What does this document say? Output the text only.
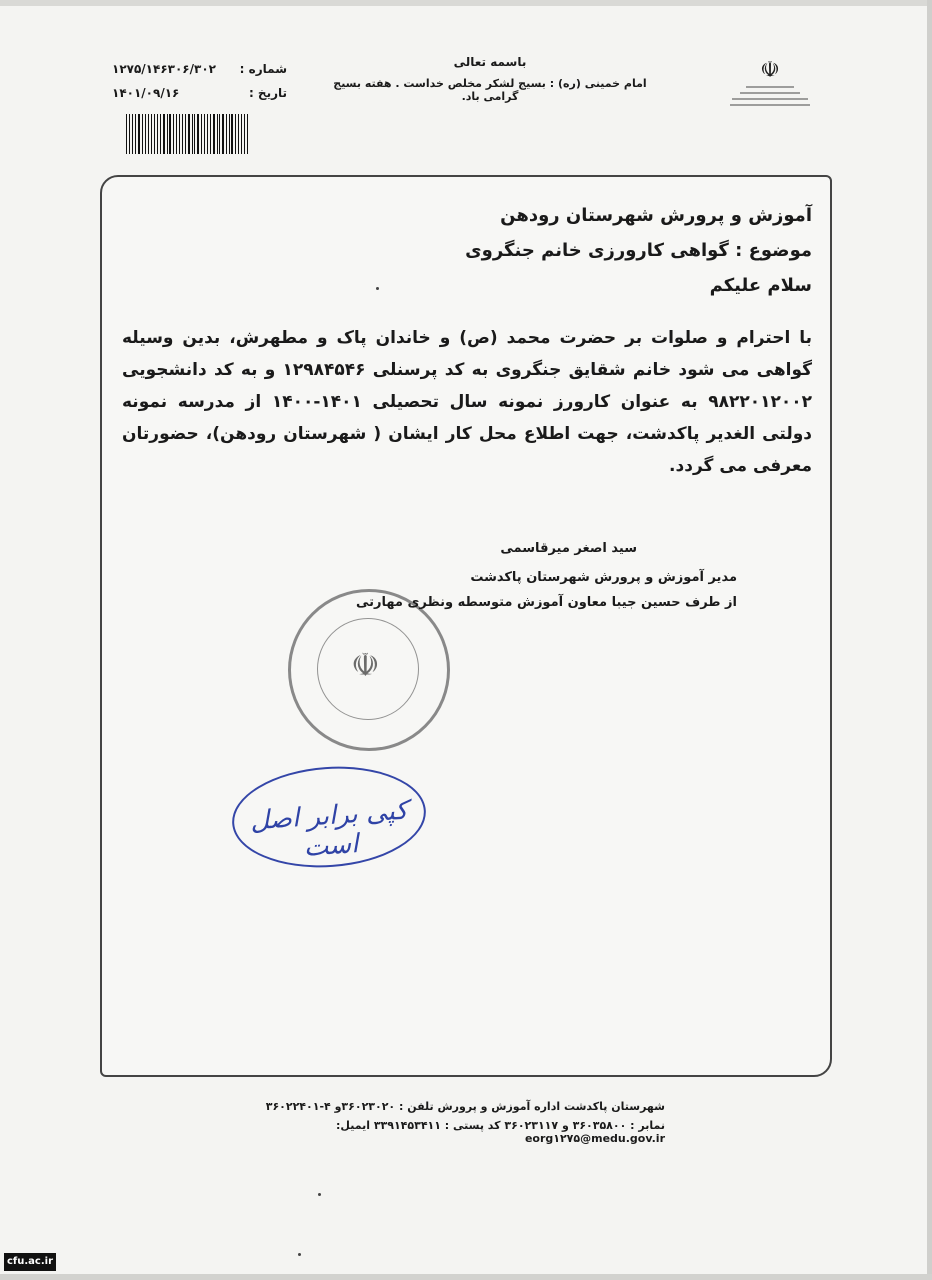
☫
باسمه تعالی
امام خمینی (ره) : بسیج لشکر مخلص خداست . هفته بسیج گرامی باد.
شماره :
۱۲۷۵/۱۴۶۳۰۶/۳۰۲
تاریخ :
۱۴۰۱/۰۹/۱۶
آموزش و پرورش شهرستان رودهن
موضوع : گواهی کارورزی خانم جنگروی
سلام علیکم
با احترام و صلوات بر حضرت محمد (ص) و خاندان پاک و مطهرش، بدین وسیله گواهی می شود خانم شقایق جنگروی به کد پرسنلی ۱۲۹۸۴۵۴۶ و به کد دانشجویی ۹۸۲۲۰۱۲۰۰۲ به عنوان کارورز نمونه سال تحصیلی ۱۴۰۱-۱۴۰۰ از مدرسه نمونه دولتی الغدیر پاکدشت، جهت اطلاع محل کار ایشان ( شهرستان رودهن)، حضورتان معرفی می گردد.
☫
سید اصغر میرقاسمی
مدیر آموزش و پرورش شهرستان پاکدشت
از طرف حسین جیبا معاون آموزش متوسطه ونظری مهارتی
کپی برابر اصل است
شهرستان پاکدشت اداره آموزش و پرورش تلفن : ۳۶۰۲۳۰۲۰و ۴-۳۶۰۲۲۴۰۱
نمابر : ۳۶۰۳۵۸۰۰ و ۳۶۰۲۳۱۱۷ کد پستی : ۳۳۹۱۴۵۳۴۱۱ ایمیل: eorg۱۲۷۵@medu.gov.ir
cfu.ac.ir
